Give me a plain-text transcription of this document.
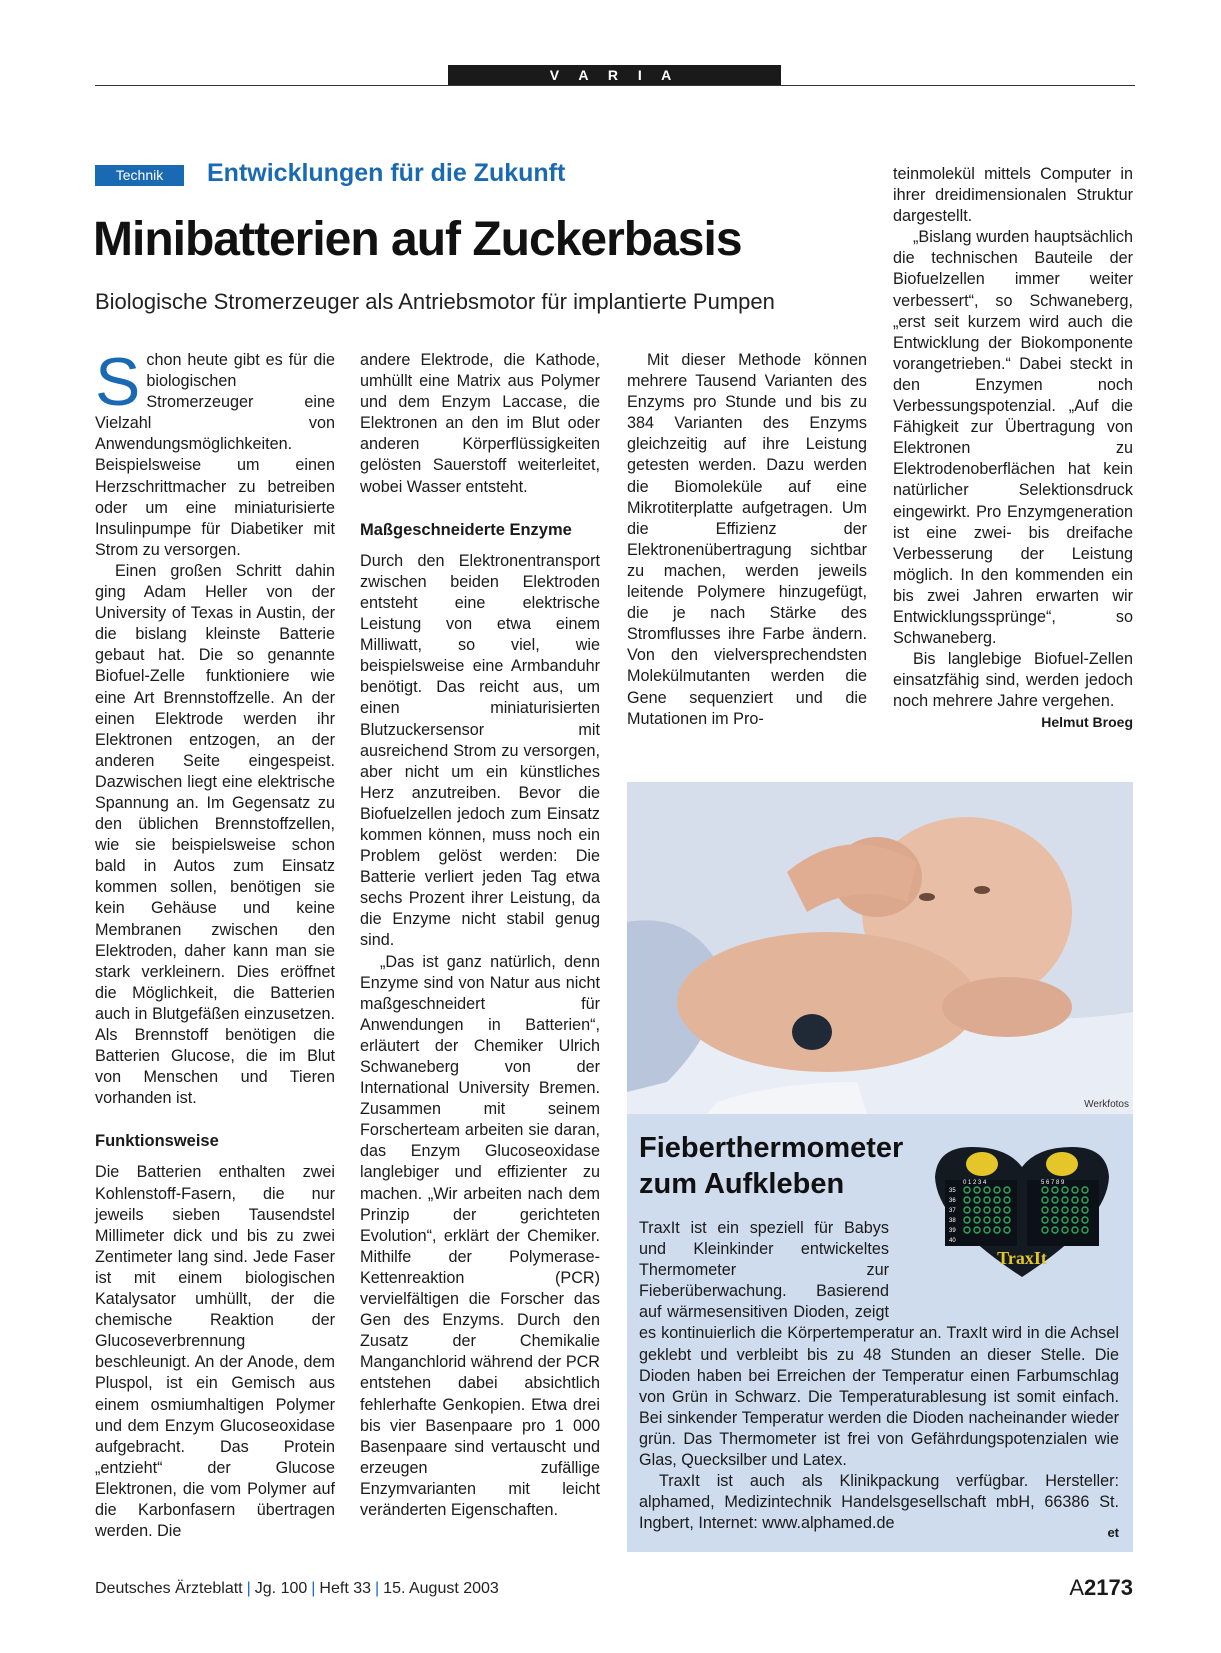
V A R I A
Technik	Entwicklungen für die Zukunft
Minibatterien auf Zuckerbasis
Biologische Stromerzeuger als Antriebsmotor für implantierte Pumpen

Schon heute gibt es für die biologischen Stromerzeuger eine Vielzahl von Anwendungsmöglichkeiten. Beispielsweise um einen Herzschrittmacher zu betreiben oder um eine miniaturisierte Insulinpumpe für Diabetiker mit Strom zu versorgen.

Einen großen Schritt dahin ging Adam Heller von der University of Texas in Austin, der die bislang kleinste Batterie gebaut hat. Die so genannte Biofuel-Zelle funktioniere wie eine Art Brennstoffzelle. An der einen Elektrode werden ihr Elektronen entzogen, an der anderen Seite eingespeist. Dazwischen liegt eine elektrische Spannung an. Im Gegensatz zu den üblichen Brennstoffzellen, wie sie beispielsweise schon bald in Autos zum Einsatz kommen sollen, benötigen sie kein Gehäuse und keine Membranen zwischen den Elektroden, daher kann man sie stark verkleinern. Dies eröffnet die Möglichkeit, die Batterien auch in Blutgefäßen einzusetzen. Als Brennstoff benötigen die Batterien Glucose, die im Blut von Menschen und Tieren vorhanden ist.

Funktionsweise

Die Batterien enthalten zwei Kohlenstoff-Fasern, die nur jeweils sieben Tausendstel Millimeter dick und bis zu zwei Zentimeter lang sind. Jede Faser ist mit einem biologischen Katalysator umhüllt, der die chemische Reaktion der Glucoseverbrennung beschleunigt. An der Anode, dem Pluspol, ist ein Gemisch aus einem osmiumhaltigen Polymer und dem Enzym Glucoseoxidase aufgebracht. Das Protein „entzieht“ der Glucose Elektronen, die vom Polymer auf die Karbonfasern übertragen werden. Die

andere Elektrode, die Kathode, umhüllt eine Matrix aus Polymer und dem Enzym Laccase, die Elektronen an den im Blut oder anderen Körperflüssigkeiten gelösten Sauerstoff weiterleitet, wobei Wasser entsteht.

Maßgeschneiderte Enzyme

Durch den Elektronentransport zwischen beiden Elektroden entsteht eine elektrische Leistung von etwa einem Milliwatt, so viel, wie beispielsweise eine Armbanduhr benötigt. Das reicht aus, um einen miniaturisierten Blutzuckersensor mit ausreichend Strom zu versorgen, aber nicht um ein künstliches Herz anzutreiben. Bevor die Biofuelzellen jedoch zum Einsatz kommen können, muss noch ein Problem gelöst werden: Die Batterie verliert jeden Tag etwa sechs Prozent ihrer Leistung, da die Enzyme nicht stabil genug sind.

„Das ist ganz natürlich, denn Enzyme sind von Natur aus nicht maßgeschneidert für Anwendungen in Batterien“, erläutert der Chemiker Ulrich Schwaneberg von der International University Bremen. Zusammen mit seinem Forscherteam arbeiten sie daran, das Enzym Glucoseoxidase langlebiger und effizienter zu machen. „Wir arbeiten nach dem Prinzip der gerichteten Evolution“, erklärt der Chemiker. Mithilfe der Polymerase-Kettenreaktion (PCR) vervielfältigen die Forscher das Gen des Enzyms. Durch den Zusatz der Chemikalie Manganchlorid während der PCR entstehen dabei absichtlich fehlerhafte Genkopien. Etwa drei bis vier Basenpaare pro 1 000 Basenpaare sind vertauscht und erzeugen zufällige Enzymvarianten mit leicht veränderten Eigenschaften.

Mit dieser Methode können mehrere Tausend Varianten des Enzyms pro Stunde und bis zu 384 Varianten des Enzyms gleichzeitig auf ihre Leistung getesten werden. Dazu werden die Biomoleküle auf eine Mikrotiterplatte aufgetragen. Um die Effizienz der Elektronenübertragung sichtbar zu machen, werden jeweils leitende Polymere hinzugefügt, die je nach Stärke des Stromflusses ihre Farbe ändern. Von den vielversprechendsten Molekülmutanten werden die Gene sequenziert und die Mutationen im Pro-

teinmolekül mittels Computer in ihrer dreidimensionalen Struktur dargestellt.

„Bislang wurden hauptsächlich die technischen Bauteile der Biofuelzellen immer weiter verbessert“, so Schwaneberg, „erst seit kurzem wird auch die Entwicklung der Biokomponente vorangetrieben.“ Dabei steckt in den Enzymen noch Verbessungspotenzial. „Auf die Fähigkeit zur Übertragung von Elektronen zu Elektrodenoberflächen hat kein natürlicher Selektionsdruck eingewirkt. Pro Enzymgeneration ist eine zwei- bis dreifache Verbesserung der Leistung möglich. In den kommenden ein bis zwei Jahren erwarten wir Entwicklungssprünge“, so Schwaneberg.

Bis langlebige Biofuel-Zellen einsatzfähig sind, werden jedoch noch mehrere Jahre vergehen.
Helmut Broeg

Werkfotos
Fieberthermometer
zum Aufkleben	35
36
37
38
39
40
0 1 2 3 4	5 6 7 8 9
TraxIt

TraxIt ist ein speziell für Babys und Kleinkinder entwickeltes Thermometer zur Fieberüberwachung. Basierend auf wärmesensitiven Dioden, zeigt es kontinuierlich die Körpertemperatur an. TraxIt wird in die Achsel geklebt und verbleibt bis zu 48 Stunden an dieser Stelle. Die Dioden haben bei Erreichen der Temperatur einen Farbumschlag von Grün in Schwarz. Die Temperaturablesung ist somit einfach. Bei sinkender Temperatur werden die Dioden nacheinander wieder grün. Das Thermometer ist frei von Gefährdungspotenzialen wie Glas, Quecksilber und Latex.

TraxIt ist auch als Klinikpackung verfügbar. Hersteller: alphamed, Medizintechnik Handelsgesellschaft mbH, 66386 St. Ingbert, Internet: www.alphamed.de

et
Deutsches Ärzteblatt | Jg. 100 | Heft 33 | 15. August 2003	A2173
